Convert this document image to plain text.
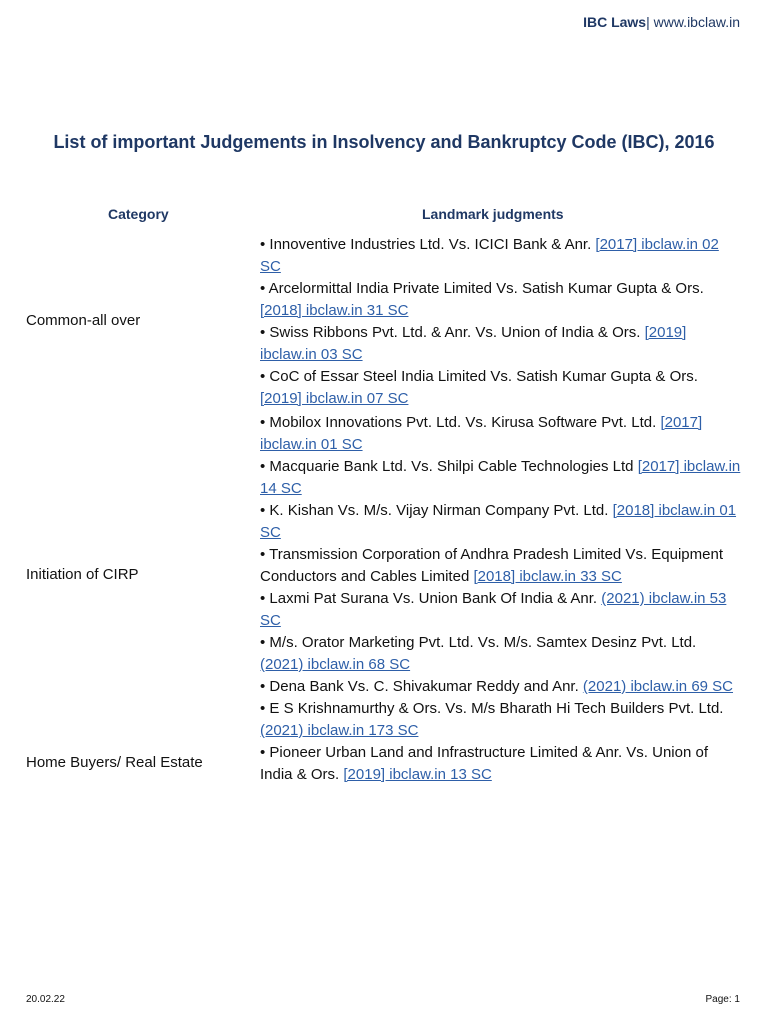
IBC Laws| www.ibclaw.in
List of important Judgements in Insolvency and Bankruptcy Code (IBC), 2016
Category	Landmark judgments
Common-all over

• Innoventive Industries Ltd. Vs. ICICI Bank & Anr. [2017] ibclaw.in 02 SC

• Arcelormittal India Private Limited Vs. Satish Kumar Gupta & Ors. [2018] ibclaw.in 31 SC

• Swiss Ribbons Pvt. Ltd. & Anr. Vs. Union of India & Ors. [2019] ibclaw.in 03 SC

• CoC of Essar Steel India Limited Vs. Satish Kumar Gupta & Ors. [2019] ibclaw.in 07 SC

Initiation of CIRP

• Mobilox Innovations Pvt. Ltd. Vs. Kirusa Software Pvt. Ltd. [2017] ibclaw.in 01 SC

• Macquarie Bank Ltd. Vs. Shilpi Cable Technologies Ltd [2017] ibclaw.in 14 SC

• K. Kishan Vs. M/s. Vijay Nirman Company Pvt. Ltd. [2018] ibclaw.in 01 SC

• Transmission Corporation of Andhra Pradesh Limited Vs. Equipment Conductors and Cables Limited [2018] ibclaw.in 33 SC

• Laxmi Pat Surana Vs. Union Bank Of India & Anr. (2021) ibclaw.in 53 SC

• M/s. Orator Marketing Pvt. Ltd. Vs. M/s. Samtex Desinz Pvt. Ltd. (2021) ibclaw.in 68 SC

• Dena Bank Vs. C. Shivakumar Reddy and Anr. (2021) ibclaw.in 69 SC

• E S Krishnamurthy & Ors. Vs. M/s Bharath Hi Tech Builders Pvt. Ltd. (2021) ibclaw.in 173 SC

Home Buyers/ Real Estate

• Pioneer Urban Land and Infrastructure Limited & Anr. Vs. Union of India & Ors. [2019] ibclaw.in 13 SC

20.02.22	Page: 1
